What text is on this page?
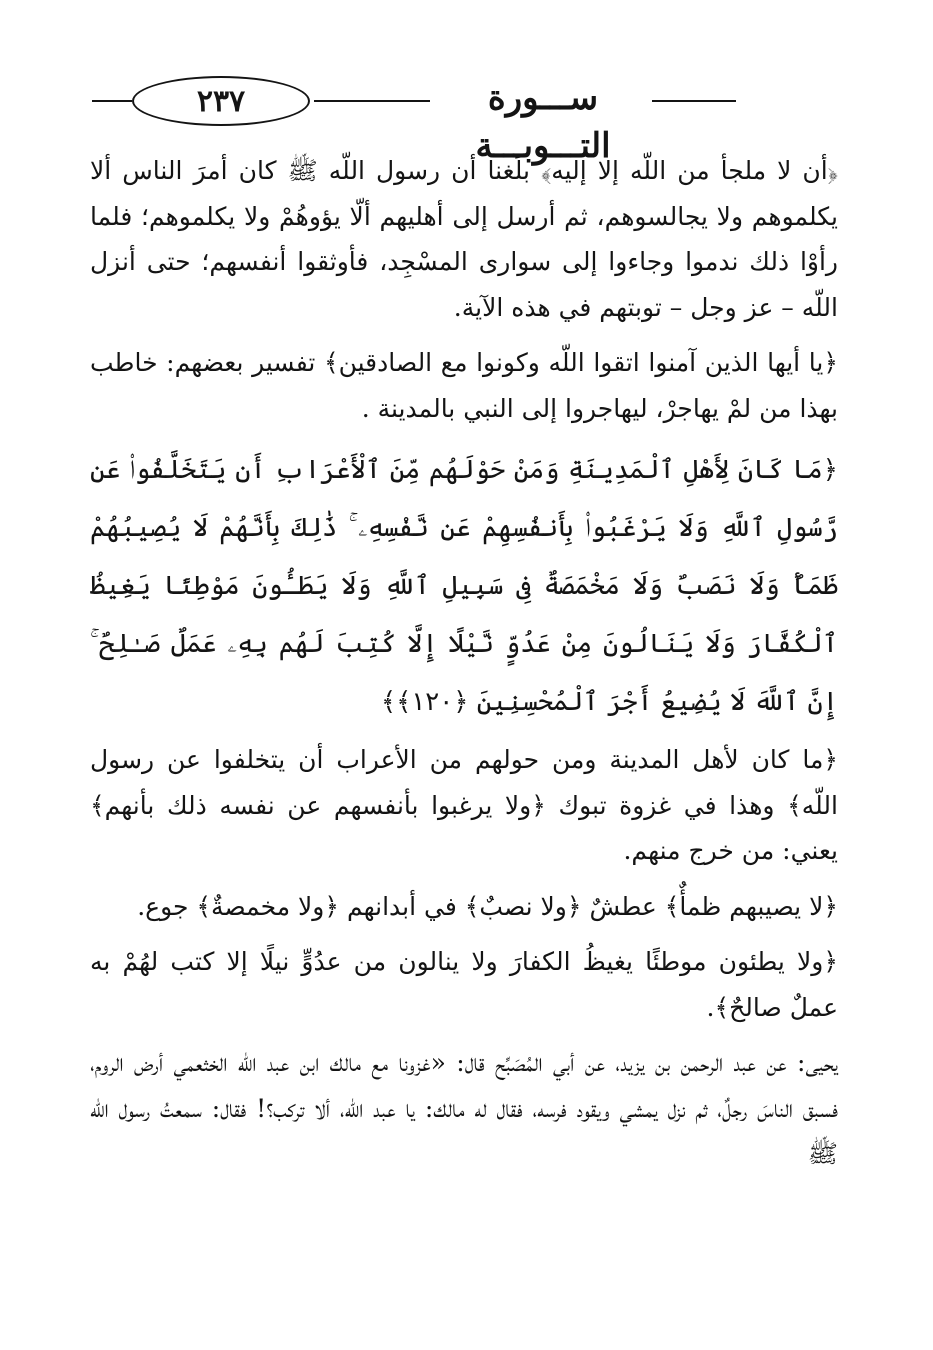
٢٣٧	ســـورة التـــوبـــة

﴿أن لا ملجأ من اللّه إلا إليه﴾ بلَغنا أن رسول اللّه ﷺ كان أمرَ الناس ألا يكلموهم ولا يجالسوهم، ثم أرسل إلى أهليهم ألّا يؤوهُمْ ولا يكلموهم؛ فلما رأوْا ذلك ندموا وجاءوا إلى سوارى المسْجِد، فأوثقوا أنفسهم؛ حتى أنزل اللّه – عز وجل – توبتهم في هذه الآية.

﴿يا أيها الذين آمنوا اتقوا اللّه وكونوا مع الصادقين﴾ تفسير بعضهم: خاطب بهذا من لمْ يهاجرْ، ليهاجروا إلى النبي بالمدينة .

﴿مَا كَانَ لِأَهْلِ ٱلْمَدِينَةِ وَمَنْ حَوْلَهُم مِّنَ ٱلْأَعْرَابِ أَن يَتَخَلَّفُوا۟ عَن رَّسُولِ ٱللَّهِ وَلَا يَرْغَبُوا۟ بِأَنفُسِهِمْ عَن نَّفْسِهِۦ ۚ ذَٰلِكَ بِأَنَّهُمْ لَا يُصِيبُهُمْ ظَمَأٌ وَلَا نَصَبٌ وَلَا مَخْمَصَةٌ فِى سَبِيلِ ٱللَّهِ وَلَا يَطَـُٔونَ مَوْطِئًا يَغِيظُ ٱلْكُفَّارَ وَلَا يَنَالُونَ مِنْ عَدُوٍّ نَّيْلًا إِلَّا كُتِبَ لَهُم بِهِۦ عَمَلٌ صَـٰلِحٌ ۚ إِنَّ ٱللَّهَ لَا يُضِيعُ أَجْرَ ٱلْمُحْسِنِينَ ﴿١٢٠﴾﴾

﴿ما كان لأهل المدينة ومن حولهم من الأعراب أن يتخلفوا عن رسول اللّه﴾ وهذا في غزوة تبوك ﴿ولا يرغبوا بأنفسهم عن نفسه ذلك بأنهم﴾ يعني: من خرج منهم.

﴿لا يصيبهم ظمأٌ﴾ عطشٌ ﴿ولا نصبٌ﴾ في أبدانهم ﴿ولا مخمصةٌ﴾ جوع.

﴿ولا يطئون موطئًا يغيظُ الكفارَ ولا ينالون من عدُوٍّ نيلًا إلا كتب لهُمْ به عملٌ صالحٌ﴾.

يحيى: عن عبد الرحمن بن يزيد، عن أبي المُصَبِّح قال: «غزونا مع مالك ابن عبد اللّه الخثعمي أرض الروم، فسبق الناسَ رجلٌ، ثم نزل يمشي ويقود فرسه، فقال له مالك: يا عبد اللّه، ألا تركب؟! فقال: سمعتُ رسول اللّه ﷺ
